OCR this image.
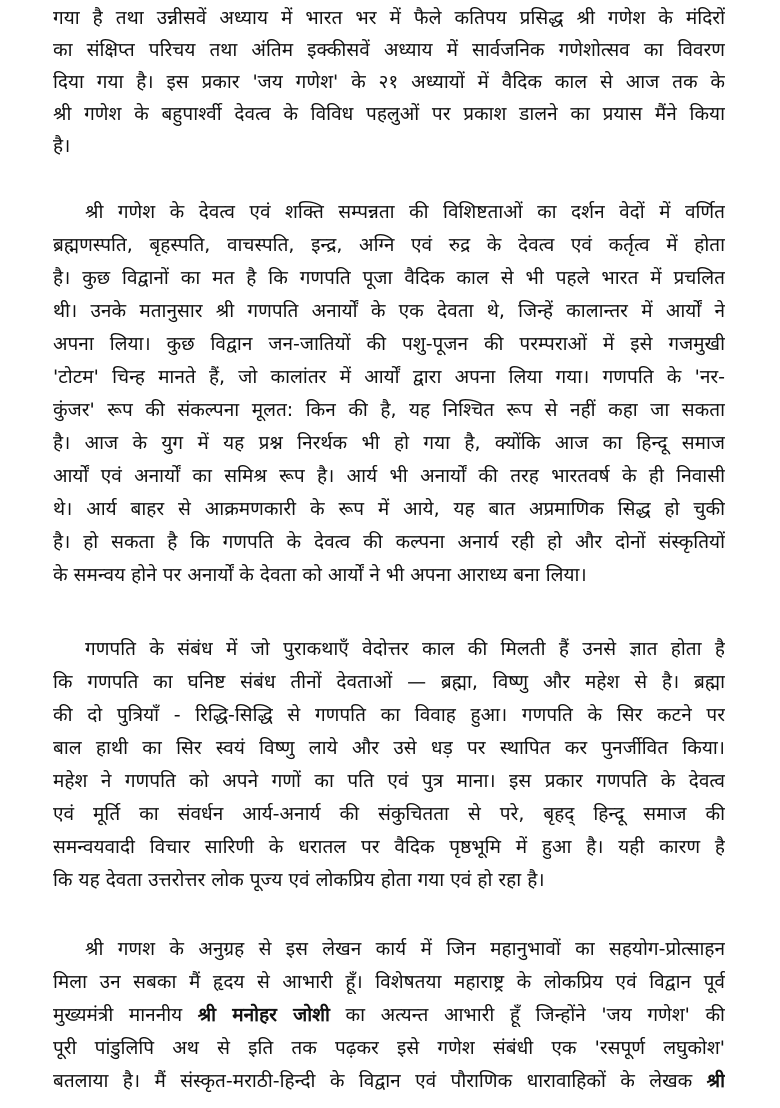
गया है तथा उन्नीसवें अध्याय में भारत भर में फैले कतिपय प्रसिद्ध श्री गणेश के मंदिरों
का संक्षिप्त परिचय तथा अंतिम इक्कीसवें अध्याय में सार्वजनिक गणेशोत्सव का विवरण
दिया गया है। इस प्रकार 'जय गणेश' के २१ अध्यायों में वैदिक काल से आज तक के
श्री गणेश के बहुपार्श्वी देवत्व के विविध पहलुओं पर प्रकाश डालने का प्रयास मैंने किया
है।
श्री गणेश के देवत्व एवं शक्ति सम्पन्नता की विशिष्टताओं का दर्शन वेदों में वर्णित
ब्रह्मणस्पति, बृहस्पति, वाचस्पति, इन्द्र, अग्नि एवं रुद्र के देवत्व एवं कर्तृत्व में होता
है। कुछ विद्वानों का मत है कि गणपति पूजा वैदिक काल से भी पहले भारत में प्रचलित
थी। उनके मतानुसार श्री गणपति अनार्यों के एक देवता थे, जिन्हें कालान्तर में आर्यों ने
अपना लिया। कुछ विद्वान जन-जातियों की पशु-पूजन की परम्पराओं में इसे गजमुखी
'टोटम' चिन्ह मानते हैं, जो कालांतर में आर्यों द्वारा अपना लिया गया। गणपति के 'नर-
कुंजर' रूप की संकल्पना मूलत: किन की है, यह निश्चित रूप से नहीं कहा जा सकता
है। आज के युग में यह प्रश्न निरर्थक भी हो गया है, क्योंकि आज का हिन्दू समाज
आर्यों एवं अनार्यों का समिश्र रूप है। आर्य भी अनार्यों की तरह भारतवर्ष के ही निवासी
थे। आर्य बाहर से आक्रमणकारी के रूप में आये, यह बात अप्रमाणिक सिद्ध हो चुकी
है। हो सकता है कि गणपति के देवत्व की कल्पना अनार्य रही हो और दोनों संस्कृतियों
के समन्वय होने पर अनार्यों के देवता को आर्यों ने भी अपना आराध्य बना लिया।
गणपति के संबंध में जो पुराकथाएँ वेदोत्तर काल की मिलती हैं उनसे ज्ञात होता है
कि गणपति का घनिष्ट संबंध तीनों देवताओं — ब्रह्मा, विष्णु और महेश से है। ब्रह्मा
की दो पुत्रियाँ - रिद्धि-सिद्धि से गणपति का विवाह हुआ। गणपति के सिर कटने पर
बाल हाथी का सिर स्वयं विष्णु लाये और उसे धड़ पर स्थापित कर पुनर्जीवित किया।
महेश ने गणपति को अपने गणों का पति एवं पुत्र माना। इस प्रकार गणपति के देवत्व
एवं मूर्ति का संवर्धन आर्य-अनार्य की संकुचितता से परे, बृहद् हिन्दू समाज की
समन्वयवादी विचार सारिणी के धरातल पर वैदिक पृष्ठभूमि में हुआ है। यही कारण है
कि यह देवता उत्तरोत्तर लोक पूज्य एवं लोकप्रिय होता गया एवं हो रहा है।
श्री गणश के अनुग्रह से इस लेखन कार्य में जिन महानुभावों का सहयोग-प्रोत्साहन
मिला उन सबका मैं हृदय से आभारी हूँ। विशेषतया महाराष्ट्र के लोकप्रिय एवं विद्वान पूर्व
मुख्यमंत्री माननीय श्री मनोहर जोशी का अत्यन्त आभारी हूँ जिन्होंने 'जय गणेश' की
पूरी पांडुलिपि अथ से इति तक पढ़कर इसे गणेश संबंधी एक 'रसपूर्ण लघुकोश'
बतलाया है। मैं संस्कृत-मराठी-हिन्दी के विद्वान एवं पौराणिक धारावाहिकों के लेखक श्री
